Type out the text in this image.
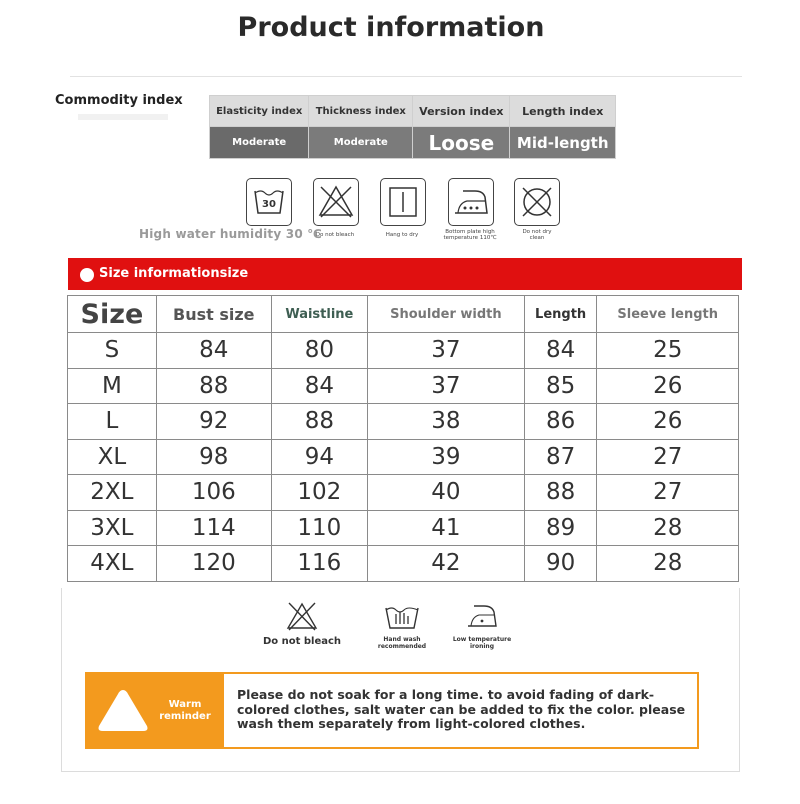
Product information
Commodity index
Elasticity index	Thickness index	Version index	Length index
Moderate	Moderate	Loose	Mid-length
30
Do not bleach	Hang to dry	Bottom plate high temperature 110℃
Do not dry clean
High water humidity 30 ℃
Size informationsize
Size	Bust size	Waistline	Shoulder width	Length	Sleeve length
S	84	80	37	84	25
M	88	84	37	85	26
L	92	88	38	86	26
XL	98	94	39	87	27
2XL	106	102	40	88	27
3XL	114	110	41	89	28
4XL	120	116	42	90	28
Do not bleach	Hand wash recommended
Low temperature ironing
Warm reminder
Please do not soak for a long time. to avoid fading of dark-colored clothes, salt water can be added to fix the color. please wash them separately from light-colored clothes.
